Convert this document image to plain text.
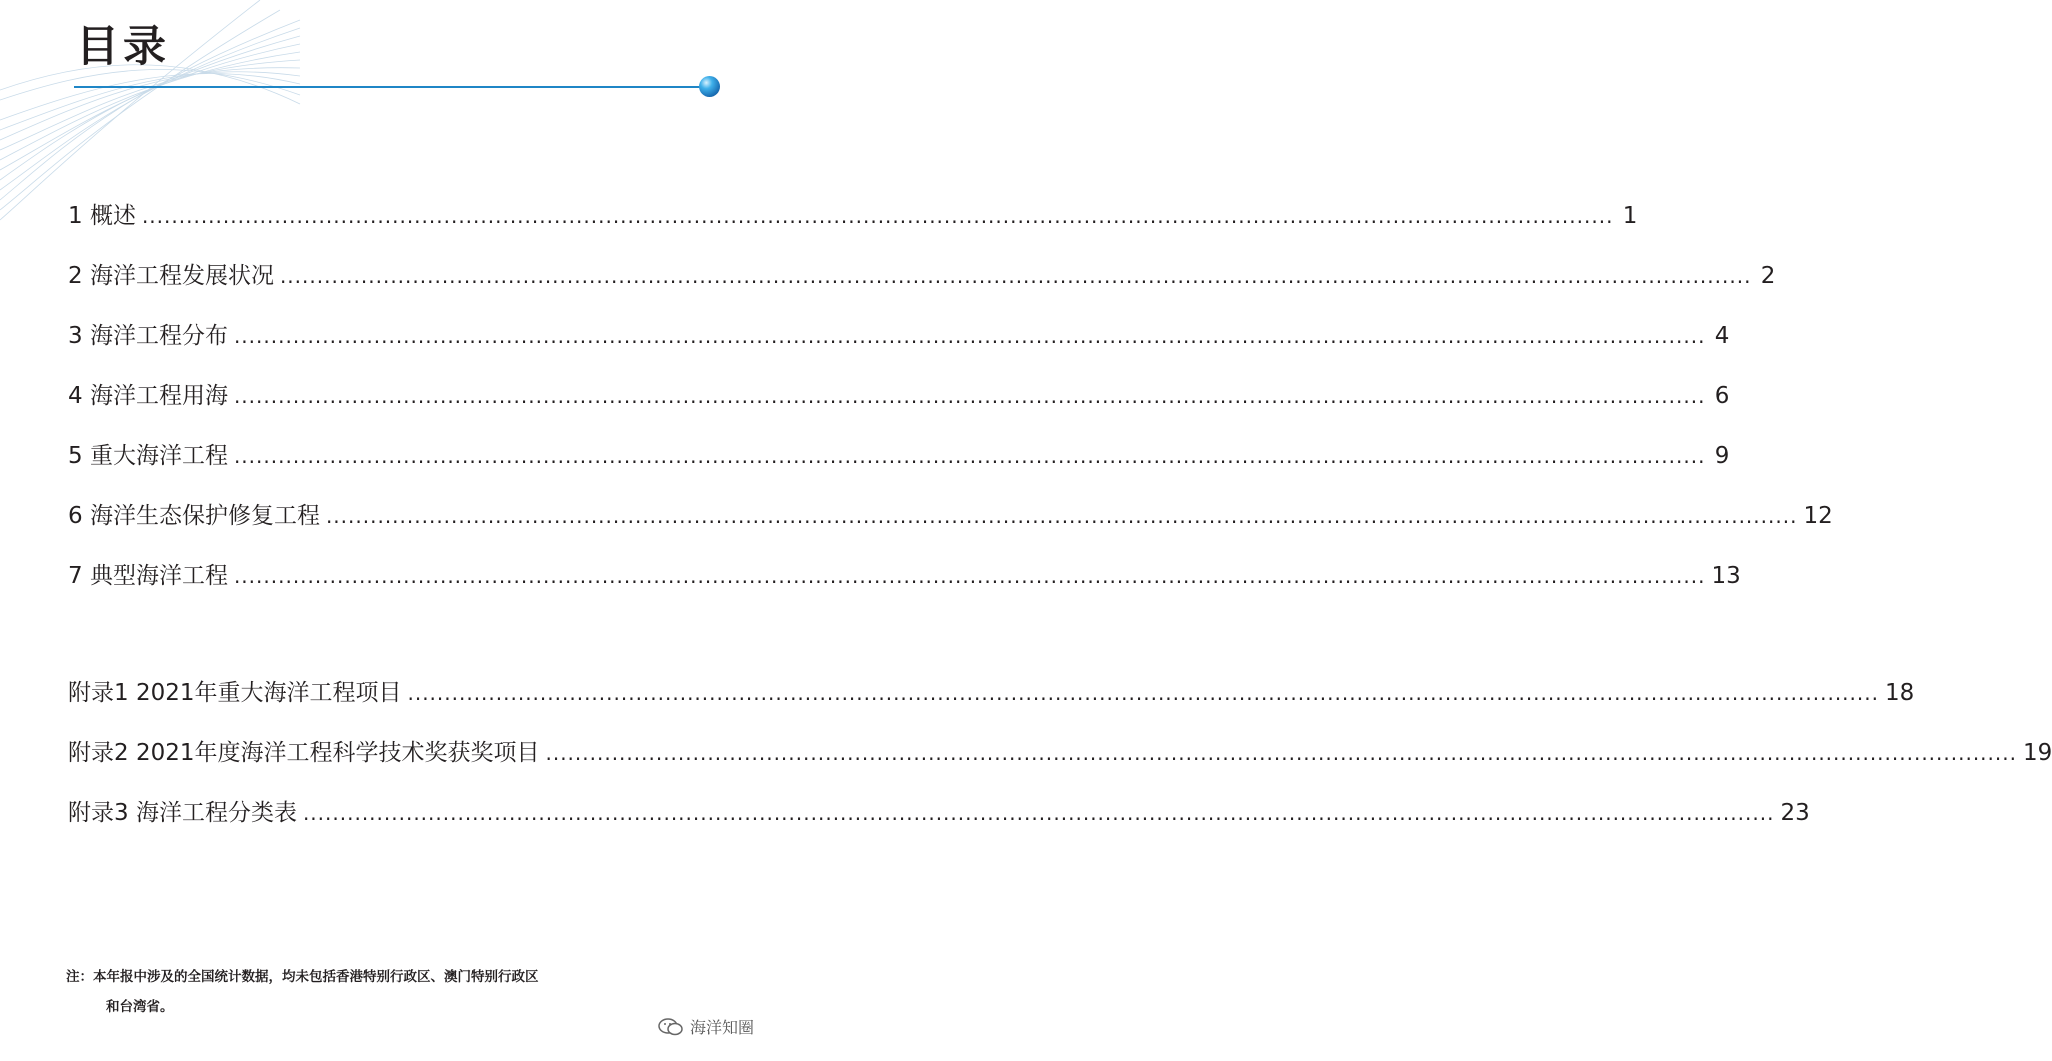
目录
1 概述 ........................................................................................................................................................................................................ 1
2 海洋工程发展状况 ........................................................................................................................................................................................................ 2
3 海洋工程分布 ........................................................................................................................................................................................................ 4
4 海洋工程用海 ........................................................................................................................................................................................................ 6
5 重大海洋工程 ........................................................................................................................................................................................................ 9
6 海洋生态保护修复工程 ........................................................................................................................................................................................................ 12
7 典型海洋工程 ........................................................................................................................................................................................................ 13
附录1 2021年重大海洋工程项目 ........................................................................................................................................................................................................ 18
附录2 2021年度海洋工程科学技术奖获奖项目 ........................................................................................................................................................................................................ 19
附录3 海洋工程分类表 ........................................................................................................................................................................................................ 23
注：本年报中涉及的全国统计数据，均未包括香港特别行政区、澳门特别行政区
和台湾省。
海洋知圈
